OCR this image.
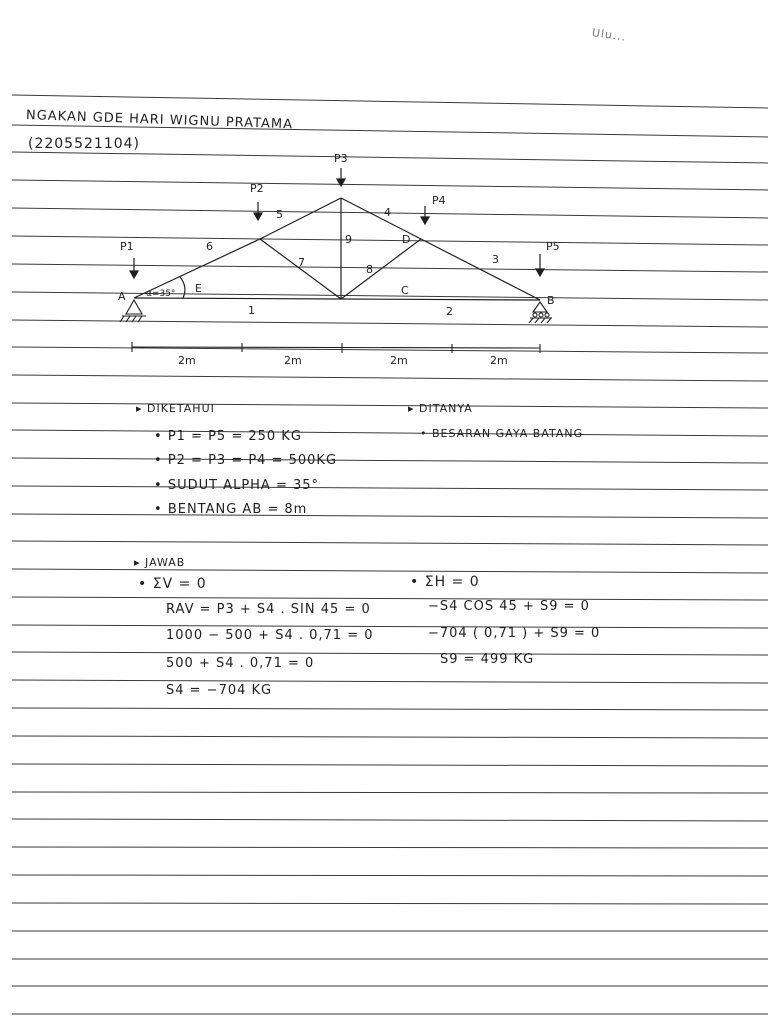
Ulu...
NGAKAN GDE HARI WIGNU PRATAMA
(2205521104)
P1
P2
P3
P4
P5
A	B
1	2
3
4
5
6
7
8
9
C
D
E
α=35°
2m	2m	2m	2m
▸ DIKETAHUI
• P1 = P5 = 250 KG
• P2 = P3 = P4 = 500KG
• SUDUT ALPHA = 35°
• BENTANG AB = 8m
▸ DITANYA
• BESARAN GAYA BATANG
▸ JAWAB
• ΣV = 0
RAV = P3 + S4 . SIN 45 = 0
1000 − 500 + S4 . 0,71 = 0
500 + S4 . 0,71 = 0
S4 = −704 KG
• ΣH = 0
−S4 COS 45 + S9 = 0
−704 ( 0,71 ) + S9 = 0
S9 = 499 KG
